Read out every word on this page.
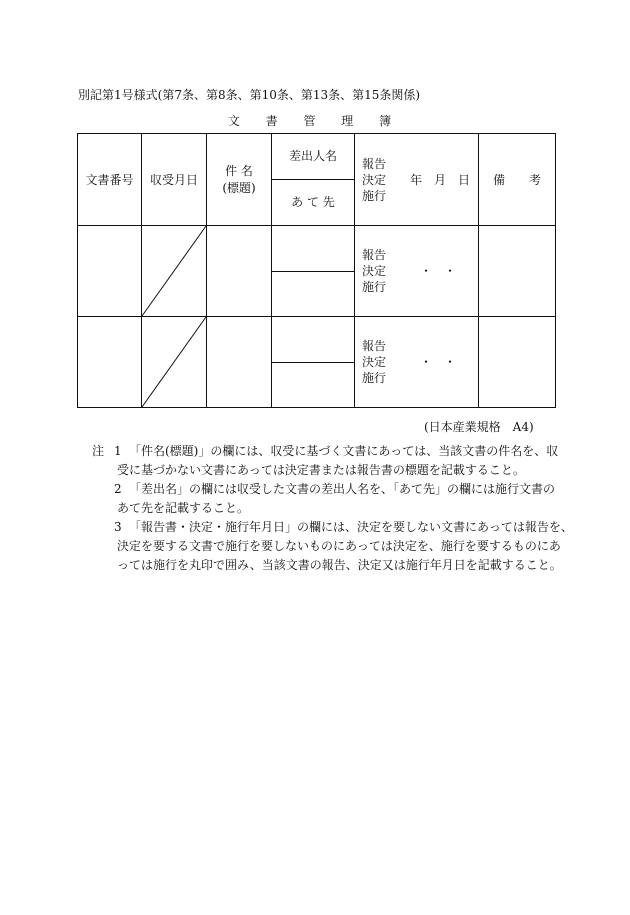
別記第1号様式(第7条、第8条、第10条、第13条、第15条関係)
文 書 管 理 簿
文書番号	収受月日
件 名
(標題)
差出人名
あ て 先
報告
決定
施行
年　月　日	備　　考
報告
決定
施行
・　・
報告
決定
施行
・　・
(日本産業規格　A4)
注 1 「件名(標題)」の欄には、収受に基づく文書にあっては、当該文書の件名を、収
受に基づかない文書にあっては決定書または報告書の標題を記載すること。
2 「差出名」の欄には収受した文書の差出人名を、「あて先」の欄には施行文書の
あて先を記載すること。
3 「報告書・決定・施行年月日」の欄には、決定を要しない文書にあっては報告を、
決定を要する文書で施行を要しないものにあっては決定を、施行を要するものにあ
っては施行を丸印で囲み、当該文書の報告、決定又は施行年月日を記載すること。
